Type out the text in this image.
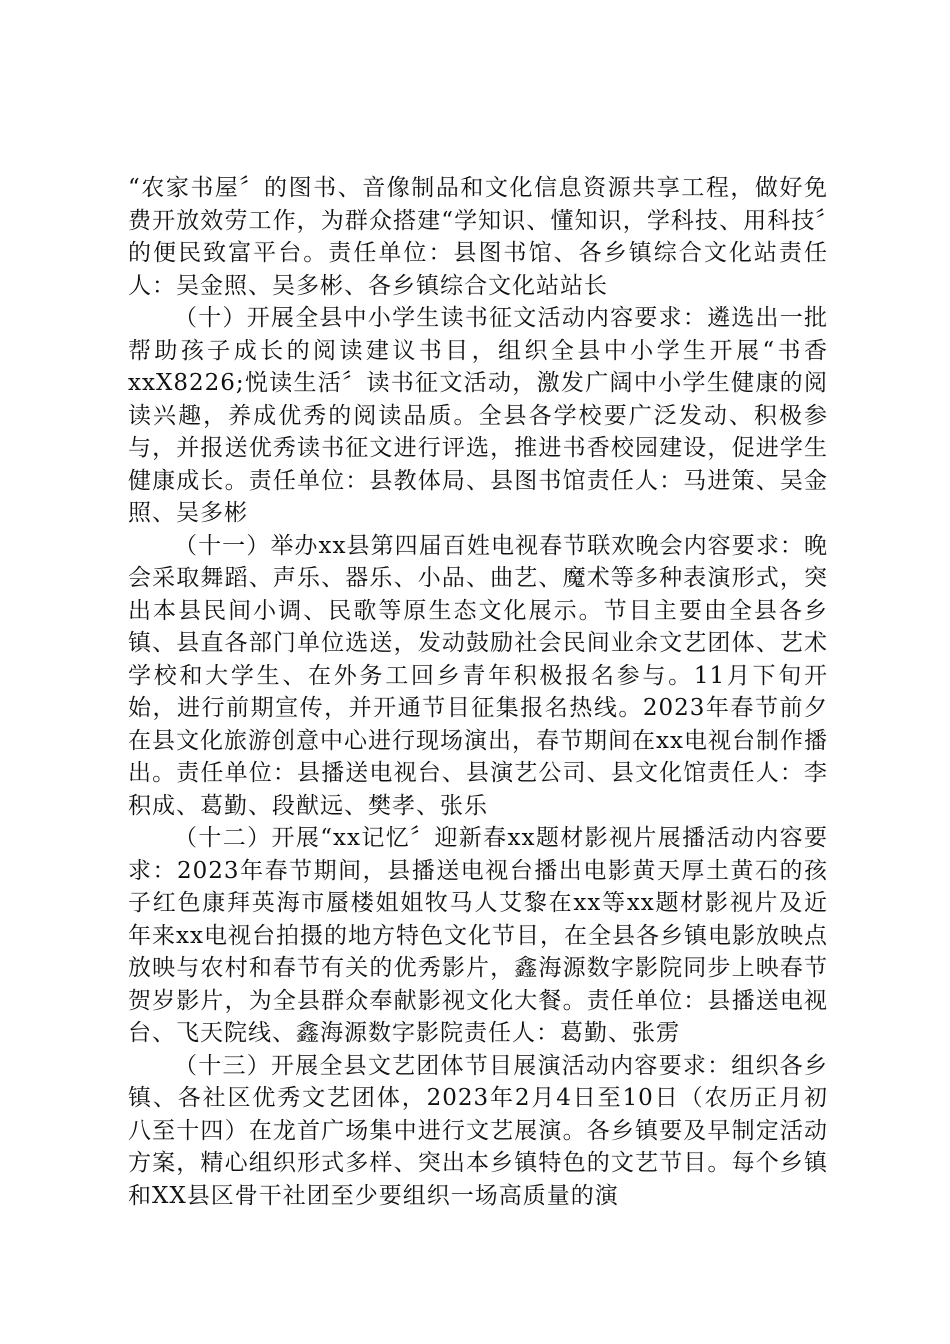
“农家书屋〞的图书、音像制品和文化信息资源共享工程，做好免费开放效劳工作，为群众搭建“学知识、懂知识，学科技、用科技〞的便民致富平台。责任单位：县图书馆、各乡镇综合文化站责任人：吴金照、吴多彬、各乡镇综合文化站站长

（十）开展全县中小学生读书征文活动内容要求：遴选出一批帮助孩子成长的阅读建议书目，组织全县中小学生开展“书香xxX8226;悦读生活〞读书征文活动，激发广阔中小学生健康的阅读兴趣，养成优秀的阅读品质。全县各学校要广泛发动、积极参与，并报送优秀读书征文进行评选，推进书香校园建设，促进学生健康成长。责任单位：县教体局、县图书馆责任人：马进策、吴金照、吴多彬

（十一）举办xx县第四届百姓电视春节联欢晚会内容要求：晚会采取舞蹈、声乐、器乐、小品、曲艺、魔术等多种表演形式，突出本县民间小调、民歌等原生态文化展示。节目主要由全县各乡镇、县直各部门单位选送，发动鼓励社会民间业余文艺团体、艺术学校和大学生、在外务工回乡青年积极报名参与。11月下旬开始，进行前期宣传，并开通节目征集报名热线。2023年春节前夕在县文化旅游创意中心进行现场演出，春节期间在xx电视台制作播出。责任单位：县播送电视台、县演艺公司、县文化馆责任人：李积成、葛勤、段猷远、樊孝、张乐

（十二）开展“xx记忆〞迎新春xx题材影视片展播活动内容要求：2023年春节期间，县播送电视台播出电影黄天厚土黄石的孩子红色康拜英海市蜃楼姐姐牧马人艾黎在xx等xx题材影视片及近年来xx电视台拍摄的地方特色文化节目，在全县各乡镇电影放映点放映与农村和春节有关的优秀影片，鑫海源数字影院同步上映春节贺岁影片，为全县群众奉献影视文化大餐。责任单位：县播送电视台、飞天院线、鑫海源数字影院责任人：葛勤、张雳

（十三）开展全县文艺团体节目展演活动内容要求：组织各乡镇、各社区优秀文艺团体，2023年2月4日至10日（农历正月初八至十四）在龙首广场集中进行文艺展演。各乡镇要及早制定活动方案，精心组织形式多样、突出本乡镇特色的文艺节目。每个乡镇和XX县区骨干社团至少要组织一场高质量的演
